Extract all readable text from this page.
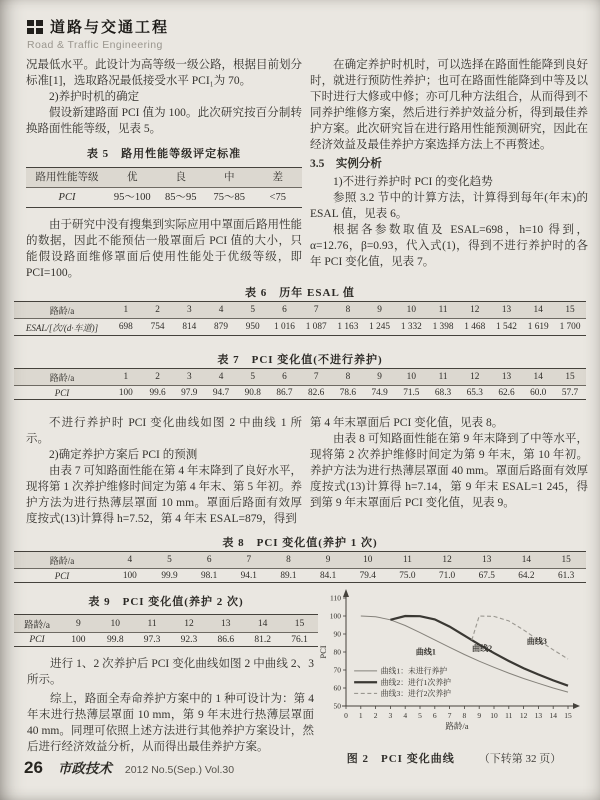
道路与交通工程
Road & Traffic Engineering

况最低水平。此设计为高等级一级公路，根据目前划分标准[1]，选取路况最低接受水平 PCI₁为 70。

2)养护时机的确定

假设新建路面 PCI 值为 100。此次研究按百分制转换路面性能等级，见表 5。

表 5　路用性能等级评定标准
路用性能等级	优	良	中	差
PCI	95～100	85～95	75～85	<75

由于研究中没有搜集到实际应用中罩面后路用性能的数据，因此不能预估一般罩面后 PCI 值的大小，只能假设路面维修罩面后使用性能处于优级等级，即 PCI=100。

在确定养护时机时，可以选择在路面性能降到良好时，就进行预防性养护；也可在路面性能降到中等及以下时进行大修或中修；亦可几种方法组合，从而得到不同养护维修方案，然后进行养护效益分析，得到最佳养护方案。此次研究旨在进行路用性能预测研究，因此在经济效益及最佳养护方案选择方法上不再赘述。

3.5　实例分析

1)不进行养护时 PCI 的变化趋势

参照 3.2 节中的计算方法，计算得到每年(年末)的 ESAL 值，见表 6。

根据各参数取值及 ESAL=698，h=10 得到，α=12.76，β=0.93，代入式(1)，得到不进行养护时的各年 PCI 变化值，见表 7。

表 6　历年 ESAL 值
路龄/a	1	2	3	4	5	6	7	8	9	10	11	12	13	14	15
ESAL/[次/(d·车道)]	698	754	814	879	950	1 016	1 087	1 163	1 245	1 332	1 398	1 468	1 542	1 619	1 700
表 7　PCI 变化值(不进行养护)
路龄/a	1	2	3	4	5	6	7	8	9	10	11	12	13	14	15
PCI	100	99.6	97.9	94.7	90.8	86.7	82.6	78.6	74.9	71.5	68.3	65.3	62.6	60.0	57.7

不进行养护时 PCI 变化曲线如图 2 中曲线 1 所示。

2)确定养护方案后 PCI 的预测

由表 7 可知路面性能在第 4 年末降到了良好水平，现将第 1 次养护维修时间定为第 4 年末、第 5 年初。养护方法为进行热薄层罩面 10 mm。罩面后路面有效厚度按式(13)计算得 h=7.52，第 4 年末 ESAL=879，得到

第 4 年末罩面后 PCI 变化值，见表 8。

由表 8 可知路面性能在第 9 年末降到了中等水平，现将第 2 次养护维修时间定为第 9 年末，第 10 年初。养护方法为进行热薄层罩面 40 mm。罩面后路面有效厚度按式(13)计算得 h=7.14，第 9 年末 ESAL=1 245，得到第 9 年末罩面后 PCI 变化值，见表 9。

表 8　PCI 变化值(养护 1 次)
路龄/a	4	5	6	7	8	9	10	11	12	13	14	15
PCI	100	99.9	98.1	94.1	89.1	84.1	79.4	75.0	71.0	67.5	64.2	61.3
表 9　PCI 变化值(养护 2 次)
路龄/a	9	10	11	12	13	14	15
PCI	100	99.8	97.3	92.3	86.6	81.2	76.1

进行 1、2 次养护后 PCI 变化曲线如图 2 中曲线 2、3 所示。

综上，路面全寿命养护方案中的 1 种可设计为：第 4 年末进行热薄层罩面 10 mm，第 9 年末进行热薄层罩面 40 mm。同理可依照上述方法进行其他养护方案设计，然后进行经济效益分析，从而得出最佳养护方案。

50
60
70
80
90
100
110
0 1 2 3 4 5 6 7 8 9 10 11 12 13 14 15
曲线1	曲线2
曲线3
曲线1：未进行养护
曲线2：进行1次养护
曲线3：进行2次养护
路龄/a
PCI
图 2　PCI 变化曲线 （下转第 32 页）
26 市政技术 2012 No.5(Sep.) Vol.30
